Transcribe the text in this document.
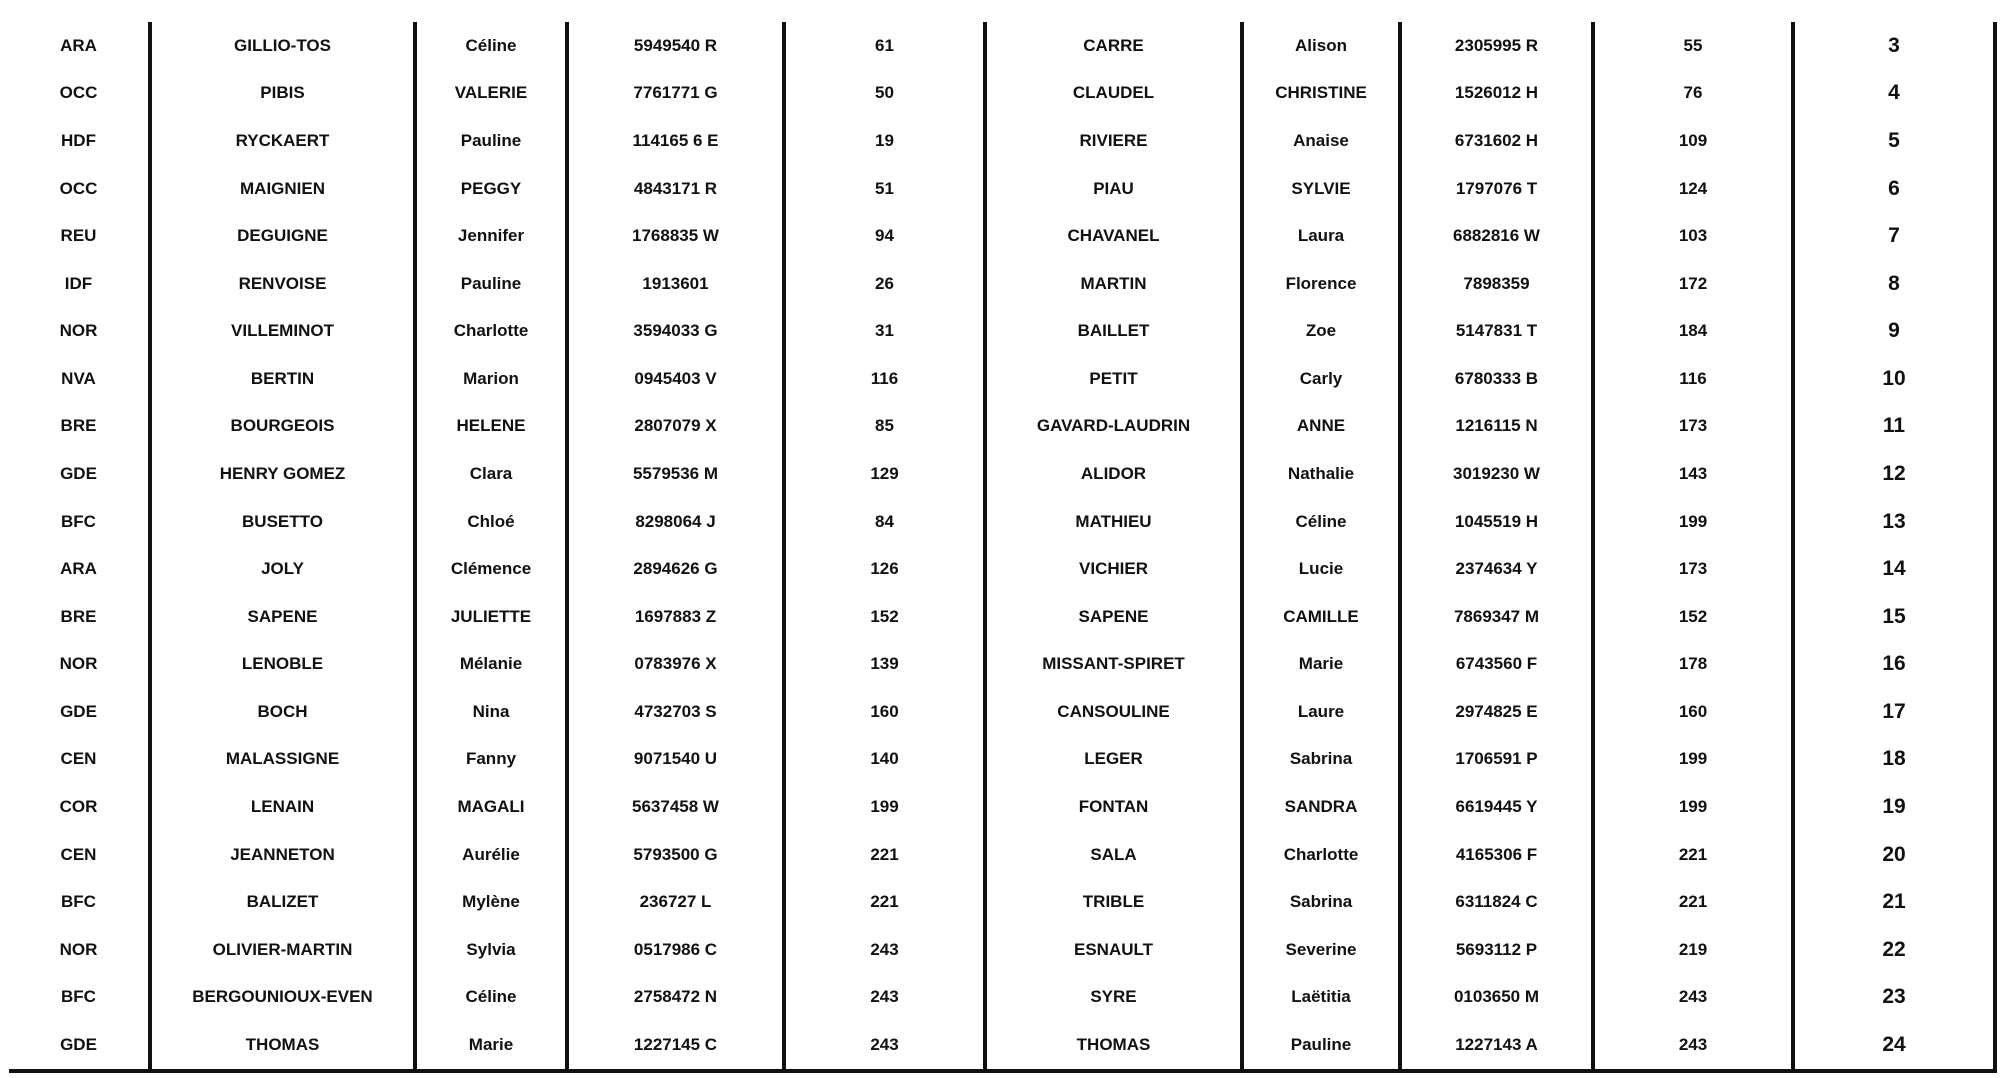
ARA	GILLIO-TOS	Céline	5949540 R	61	CARRE	Alison	2305995 R	55	3
OCC	PIBIS	VALERIE	7761771 G	50	CLAUDEL	CHRISTINE	1526012 H	76	4
HDF	RYCKAERT	Pauline	114165 6 E	19	RIVIERE	Anaise	6731602 H	109	5
OCC	MAIGNIEN	PEGGY	4843171 R	51	PIAU	SYLVIE	1797076 T	124	6
REU	DEGUIGNE	Jennifer	1768835 W	94	CHAVANEL	Laura	6882816 W	103	7
IDF	RENVOISE	Pauline	1913601	26	MARTIN	Florence	7898359	172	8
NOR	VILLEMINOT	Charlotte	3594033 G	31	BAILLET	Zoe	5147831 T	184	9
NVA	BERTIN	Marion	0945403 V	116	PETIT	Carly	6780333 B	116	10
BRE	BOURGEOIS	HELENE	2807079 X	85	GAVARD-LAUDRIN	ANNE	1216115 N	173	11
GDE	HENRY GOMEZ	Clara	5579536 M	129	ALIDOR	Nathalie	3019230 W	143	12
BFC	BUSETTO	Chloé	8298064 J	84	MATHIEU	Céline	1045519 H	199	13
ARA	JOLY	Clémence	2894626 G	126	VICHIER	Lucie	2374634 Y	173	14
BRE	SAPENE	JULIETTE	1697883 Z	152	SAPENE	CAMILLE	7869347 M	152	15
NOR	LENOBLE	Mélanie	0783976 X	139	MISSANT-SPIRET	Marie	6743560 F	178	16
GDE	BOCH	Nina	4732703 S	160	CANSOULINE	Laure	2974825 E	160	17
CEN	MALASSIGNE	Fanny	9071540 U	140	LEGER	Sabrina	1706591 P	199	18
COR	LENAIN	MAGALI	5637458 W	199	FONTAN	SANDRA	6619445 Y	199	19
CEN	JEANNETON	Aurélie	5793500 G	221	SALA	Charlotte	4165306 F	221	20
BFC	BALIZET	Mylène	236727 L	221	TRIBLE	Sabrina	6311824 C	221	21
NOR	OLIVIER-MARTIN	Sylvia	0517986 C	243	ESNAULT	Severine	5693112 P	219	22
BFC	BERGOUNIOUX-EVEN	Céline	2758472 N	243	SYRE	Laëtitia	0103650 M	243	23
GDE	THOMAS	Marie	1227145 C	243	THOMAS	Pauline	1227143 A	243	24
